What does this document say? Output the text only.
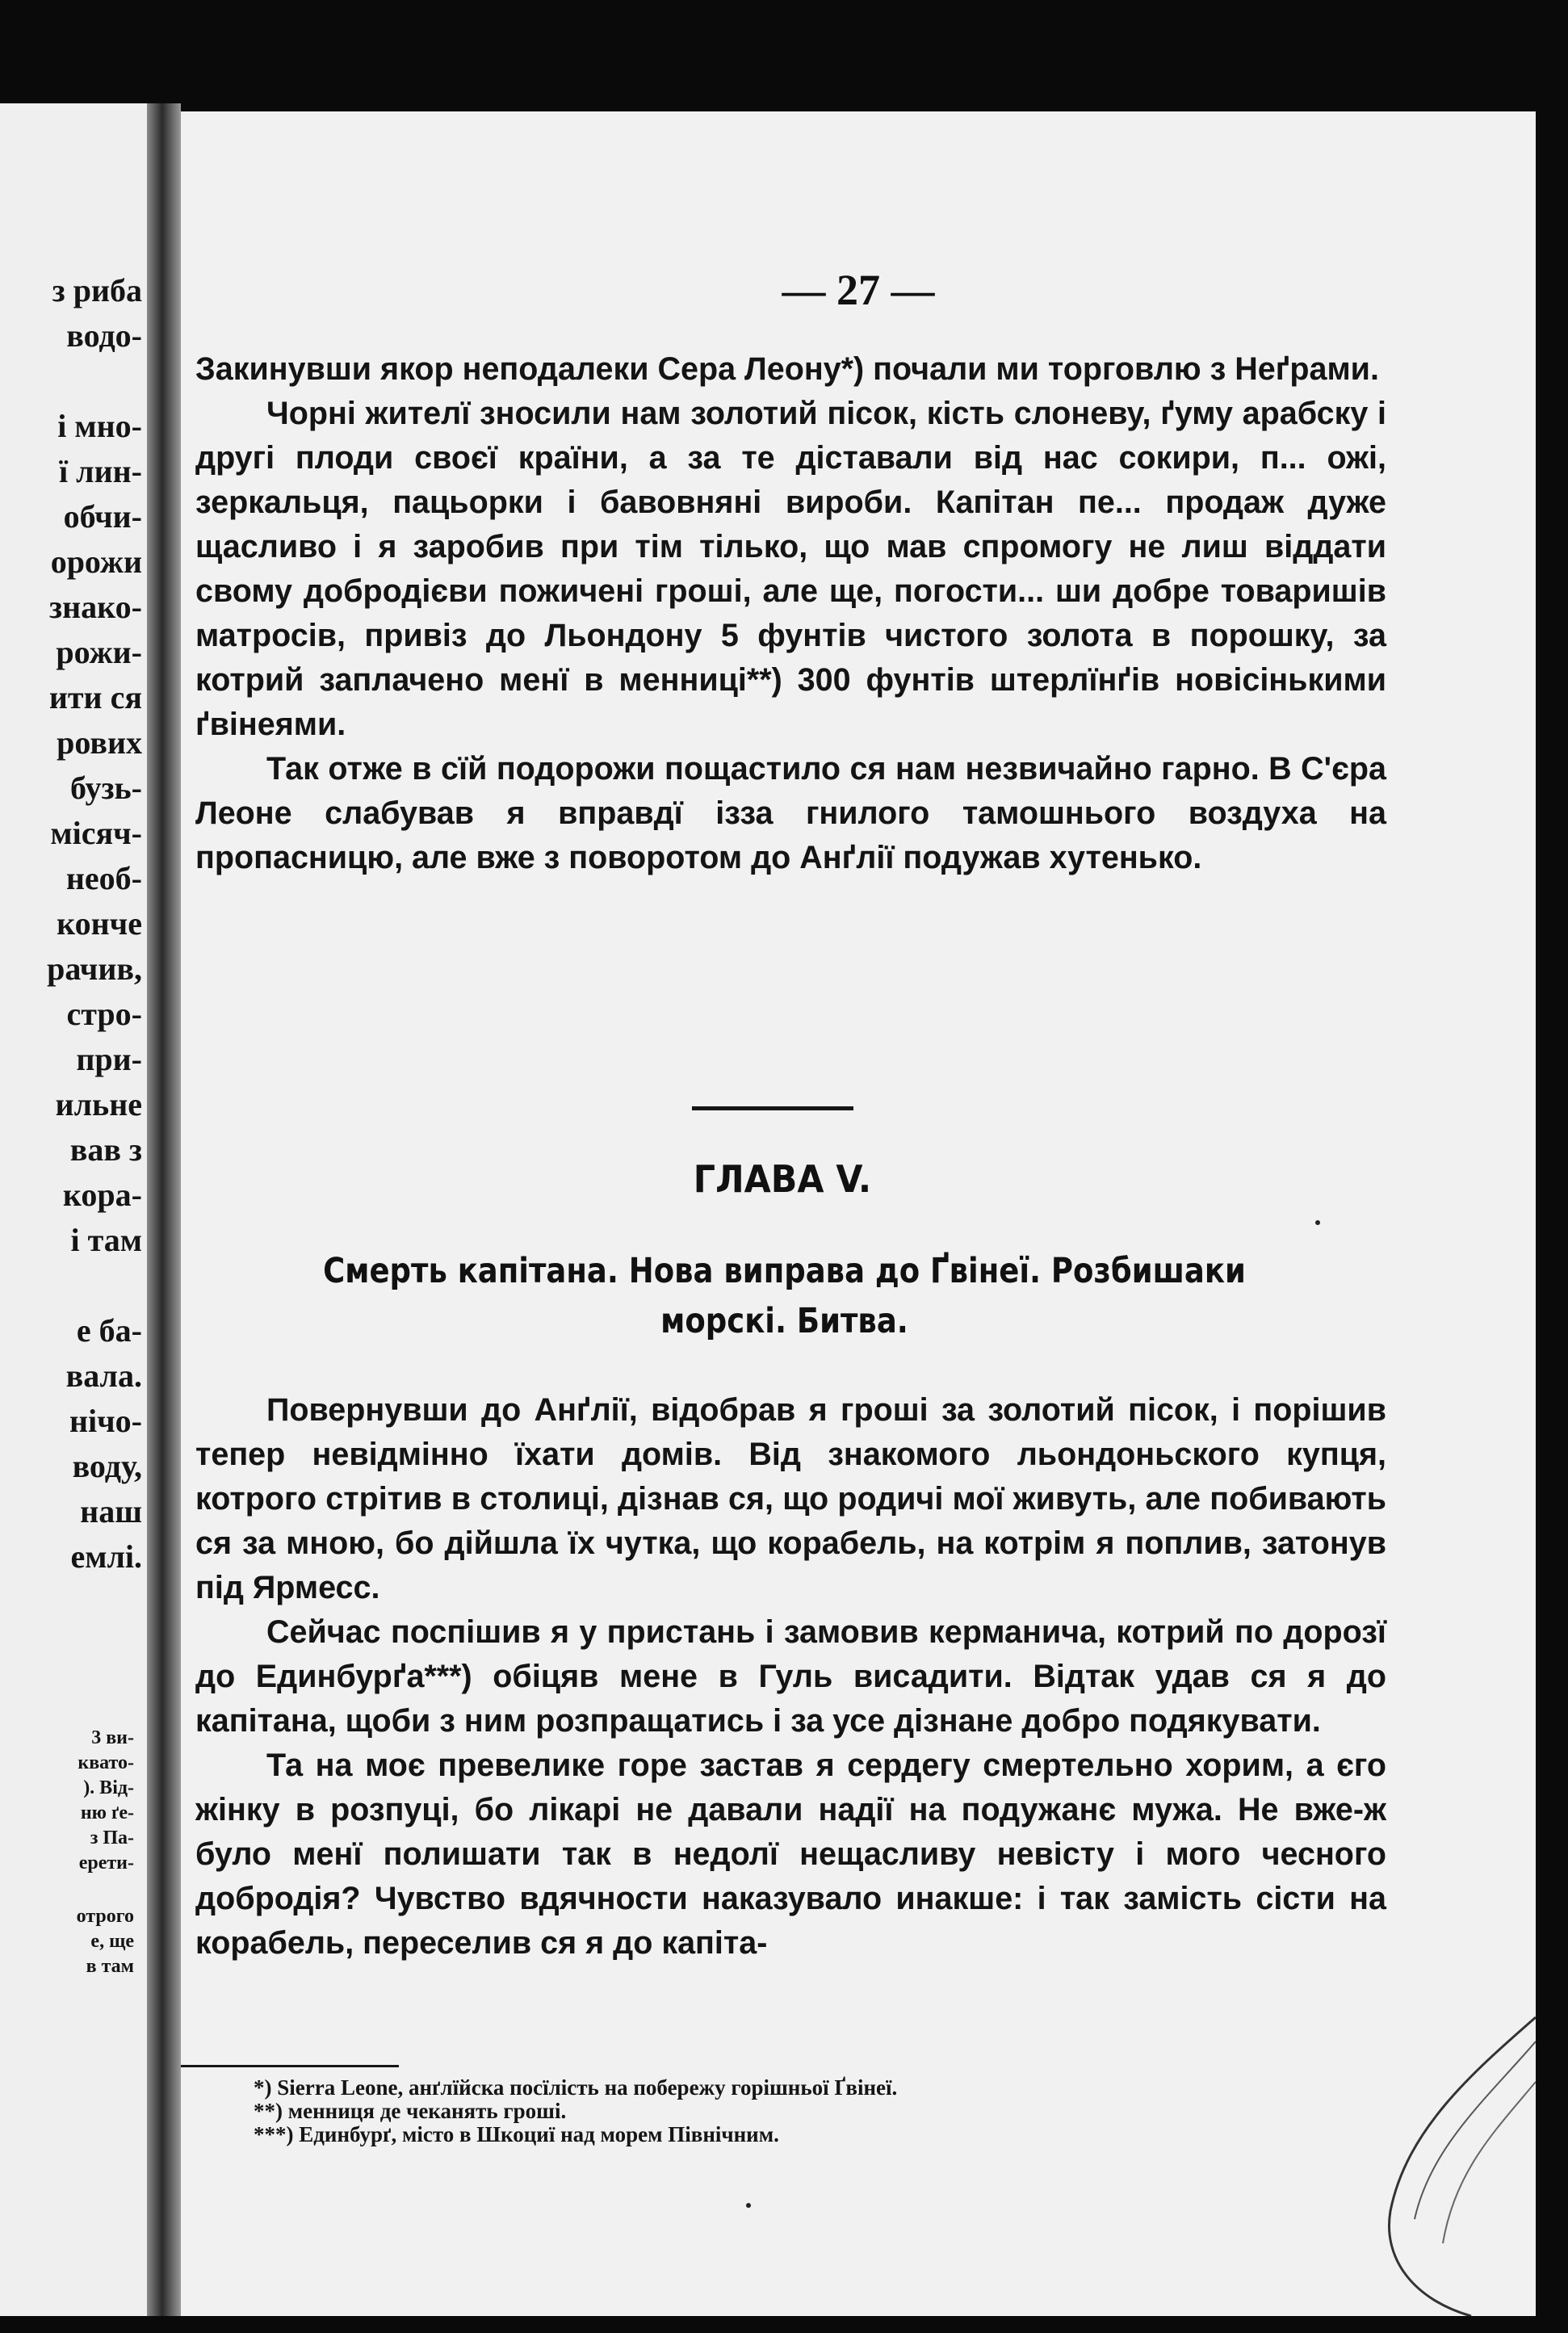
з риба
водо-
і мно-
ї лин-
обчи-
орожи
знако-
рожи-
ити ся
рових
бузь-
місяч-
необ-
конче
рачив,
стро-
при-
ильне
вав з
кора-
і там
е ба-
вала.
нічо-
воду,
наш
емлі.
3 ви-
квато-
). Від-
ню ґе-
з Па-
ерети-
отрого
е, ще
в там
— 27 —

Закинувши якор неподалеки Сера Леону*) почали ми торговлю з Неґрами.

Чорні жителї зносили нам золотий пісок, кість слоневу, ґуму арабску і другі плоди своєї країни, а за те діставали від нас сокири, п... ожі, зеркальця, пацьорки і бавовняні вироби. Капітан пе... продаж дуже щасливо і я заробив при тім тілько, що мав спромогу не лиш віддати свому добродієви пожичені гроші, але ще, погости... ши добре товаришів матросів, привіз до Льондону 5 фунтів чистого золота в порошку, за котрий заплачено менї в менниці**) 300 фунтів штерлїнґів новісінькими ґвінеями.

Так отже в сїй подорожи пощастило ся нам незвичайно гарно. В С'єра Леоне слабував я вправдї ізза гнилого тамошнього воздуха на пропасницю, але вже з поворотом до Анґлії подужав хутенько.

ГЛАВА V.
Смерть капітана. Нова виправа до Ґвінеї. Розбишаки морскі. Битва.

Повернувши до Анґлії, відобрав я гроші за золотий пісок, і порішив тепер невідмінно їхати домів. Від знакомого льондоньского купця, котрого стрітив в столиці, дізнав ся, що родичі мої живуть, але побивають ся за мною, бо дійшла їх чутка, що корабель, на котрім я поплив, затонув під Ярмесс.

Сейчас поспішив я у пристань і замовив керманича, котрий по дорозї до Единбурґа***) обіцяв мене в Гуль висадити. Відтак удав ся я до капітана, щоби з ним розпращатись і за усе дізнане добро подякувати.

Та на моє превелике горе застав я сердегу смертельно хорим, а єго жінку в розпуці, бо лікарі не давали надії на подужанє мужа. Не вже-ж було менї полишати так в недолї нещасливу невісту і мого чесного добродія? Чувство вдячности наказувало инакше: і так замість сісти на корабель, переселив ся я до капіта-

*) Sierra Leone, анґлїйска посїлість на побережу горішньої Ґвінеї.
**) менниця де чеканять гроші.
***) Единбурґ, місто в Шкоциї над морем Північним.
